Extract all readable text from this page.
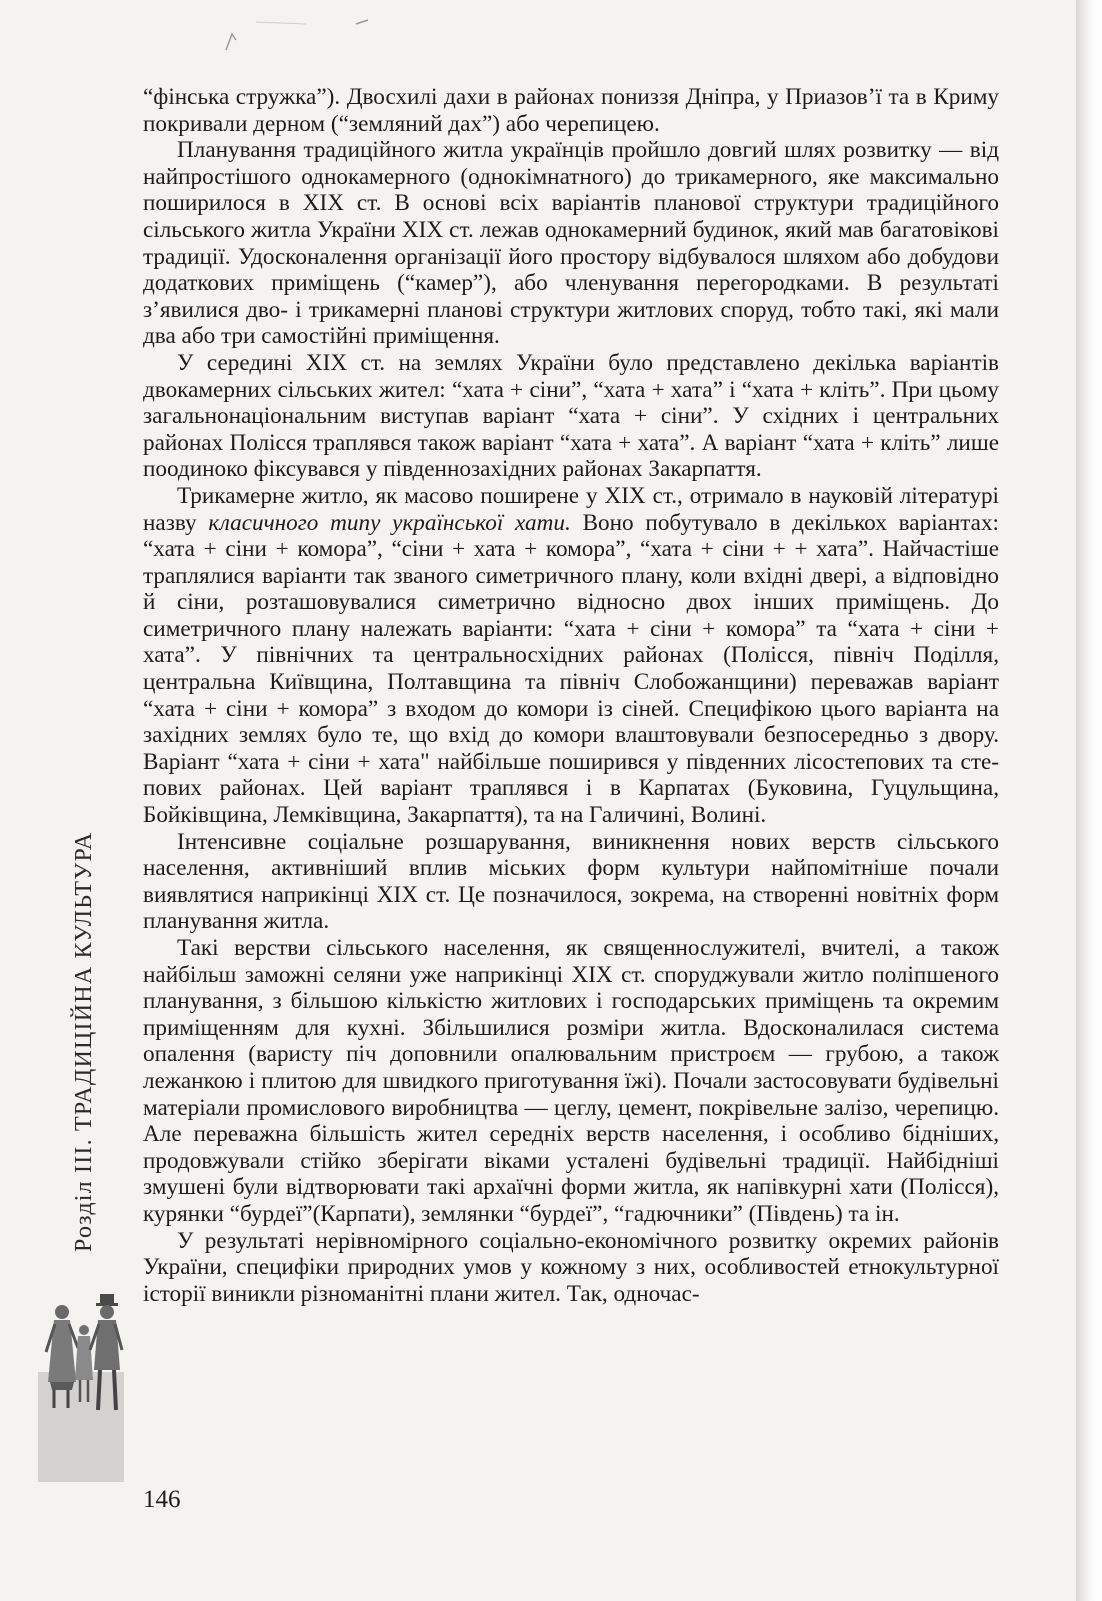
“фінська стружка”). Двосхилі дахи в районах пониззя Дніпра, у Приазов’ї та в Криму покривали дерном (“земляний дах”) або черепицею.

Планування традиційного житла українців пройшло довгий шлях розвитку — від найпростішого однокамерного (однокімнатного) до трикамерного, яке максимально поширилося в XIX ст. В основі всіх варіантів планової структури традиційного сільського житла України XIX ст. лежав однокамерний будинок, який мав багатовікові традиції. Удосконалення організації його простору відбувалося шляхом або добудови додаткових приміщень (“камер”), або членування перегородками. В результаті з’явилися дво- і трикамерні планові структури житлових споруд, тобто такі, які мали два або три самостійні приміщення.

У середині XIX ст. на землях України було представлено декілька варіантів двокамерних сільських жител: “хата + сіни”, “хата + хата” і “хата + кліть”. При цьому загальнонаціональним виступав варіант “хата + сіни”. У східних і центральних районах Полісся траплявся також варіант “хата + хата”. А варіант “хата + кліть” лише поодиноко фіксувався у південнозахідних районах Закарпаття.

Трикамерне житло, як масово поширене у XIX ст., отримало в науковій літературі назву класичного типу української хати. Воно побутувало в декількох варіантах: “хата + сіни + комора”, “сіни + хата + комора”, “хата + сіни + + хата”. Найчастіше траплялися варіанти так званого симетричного плану, коли вхідні двері, а відповідно й сіни, розташовувалися симетрично відносно двох інших приміщень. До симетричного плану належать варіанти: “хата + сіни + комора” та “хата + сіни + хата”. У північних та центральносхідних районах (Полісся, північ Поділля, центральна Київщина, Полтавщина та північ Слобожанщини) переважав варіант “хата + сіни + комора” з входом до комори із сіней. Специфікою цього варіанта на західних землях було те, що вхід до комори влаштовували безпосередньо з двору. Варіант “хата + сіни + хата" найбільше поширився у південних лісостепових та степових районах. Цей варіант траплявся і в Карпатах (Буковина, Гуцульщина, Бойківщина, Лемківщина, Закарпаття), та на Галичині, Волині.

Інтенсивне соціальне розшарування, виникнення нових верств сільського населення, активніший вплив міських форм культури найпомітніше почали виявлятися наприкінці XIX ст. Це позначилося, зокрема, на створенні новітніх форм планування житла.

Такі верстви сільського населення, як священнослужителі, вчителі, а також найбільш заможні селяни уже наприкінці XIX ст. споруджували житло поліпшеного планування, з більшою кількістю житлових і господарських приміщень та окремим приміщенням для кухні. Збільшилися розміри житла. Вдосконалилася система опалення (варисту піч доповнили опалювальним пристроєм — грубою, а також лежанкою і плитою для швидкого приготування їжі). Почали застосовувати будівельні матеріали промислового виробництва — цеглу, цемент, покрівельне залізо, черепицю. Але переважна більшість жител середніх верств населення, і особливо бідніших, продовжували стійко зберігати віками усталені будівельні традиції. Найбідніші змушені були відтворювати такі архаїчні форми житла, як напівкурні хати (Полісся), курянки “бурдеї”(Карпати), землянки “бурдеї”, “гадючники” (Південь) та ін.

У результаті нерівномірного соціально-економічного розвитку окремих районів України, специфіки природних умов у кожному з них, особливостей етнокультурної історії виникли різноманітні плани жител. Так, одночас-

Розділ III. ТРАДИЦІЙНА КУЛЬТУРА
146
